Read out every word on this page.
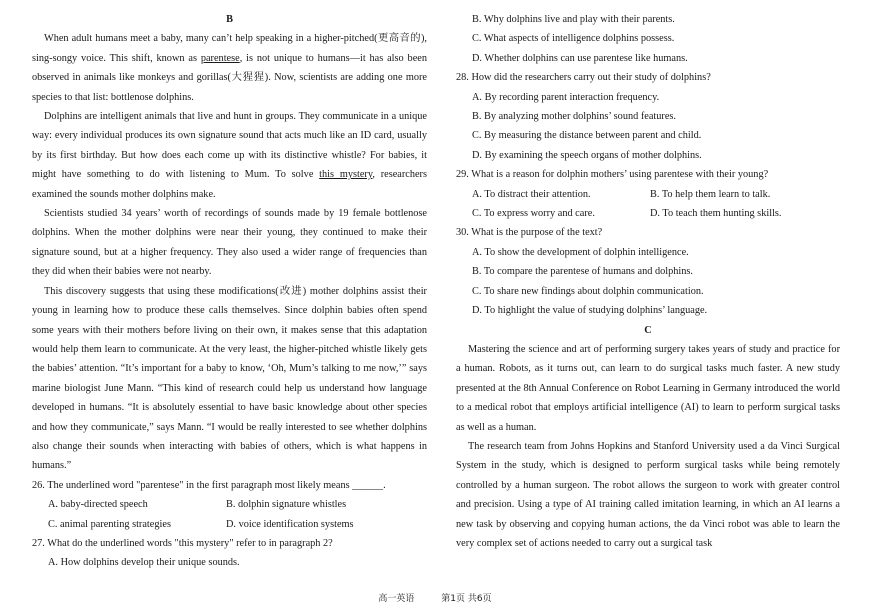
B

When adult humans meet a baby, many can’t help speaking in a higher-pitched(更高音的), sing-songy voice. This shift, known as parentese, is not unique to humans—it has also been observed in animals like monkeys and gorillas(大猩猩). Now, scientists are adding one more species to that list: bottlenose dolphins.

Dolphins are intelligent animals that live and hunt in groups. They communicate in a unique way: every individual produces its own signature sound that acts much like an ID card, usually by its first birthday. But how does each come up with its distinctive whistle? For babies, it might have something to do with listening to Mum. To solve this mystery, researchers examined the sounds mother dolphins make.

Scientists studied 34 years’ worth of recordings of sounds made by 19 female bottlenose dolphins. When the mother dolphins were near their young, they continued to make their signature sound, but at a higher frequency. They also used a wider range of frequencies than they did when their babies were not nearby.

This discovery suggests that using these modifications(改进) mother dolphins assist their young in learning how to produce these calls themselves. Since dolphin babies often spend some years with their mothers before living on their own, it makes sense that this adaptation would help them learn to communicate. At the very least, the higher-pitched whistle likely gets the babies’ attention. “It’s important for a baby to know, ‘Oh, Mum’s talking to me now,’” says marine biologist June Mann. “This kind of research could help us understand how language developed in humans. “It is absolutely essential to have basic knowledge about other species and how they communicate,” says Mann. “I would be really interested to see whether dolphins also change their sounds when interacting with babies of others, which is what happens in humans.”

26. The underlined word "parentese" in the first paragraph most likely means ______.
A. baby-directed speech	B. dolphin signature whistles
C. animal parenting strategies	D. voice identification systems
27. What do the underlined words "this mystery" refer to in paragraph 2?
A. How dolphins develop their unique sounds.
B. Why dolphins live and play with their parents.
C. What aspects of intelligence dolphins possess.
D. Whether dolphins can use parentese like humans.
28. How did the researchers carry out their study of dolphins?
A. By recording parent interaction frequency.
B. By analyzing mother dolphins’ sound features.
C. By measuring the distance between parent and child.
D. By examining the speech organs of mother dolphins.
29. What is a reason for dolphin mothers’ using parentese with their young?
A. To distract their attention.	B. To help them learn to talk.
C. To express worry and care.	D. To teach them hunting skills.
30. What is the purpose of the text?
A. To show the development of dolphin intelligence.
B. To compare the parentese of humans and dolphins.
C. To share new findings about dolphin communication.
D. To highlight the value of studying dolphins’ language.
C

Mastering the science and art of performing surgery takes years of study and practice for a human. Robots, as it turns out, can learn to do surgical tasks much faster. A new study presented at the 8th Annual Conference on Robot Learning in Germany introduced the world to a medical robot that employs artificial intelligence (AI) to learn to perform surgical tasks as well as a human.

The research team from Johns Hopkins and Stanford University used a da Vinci Surgical System in the study, which is designed to perform surgical tasks while being remotely controlled by a human surgeon. The robot allows the surgeon to work with greater control and precision. Using a type of AI training called imitation learning, in which an AI learns a new task by observing and copying human actions, the da Vinci robot was able to learn the very complex set of actions needed to carry out a surgical task

高一英语	第1页 共6页
